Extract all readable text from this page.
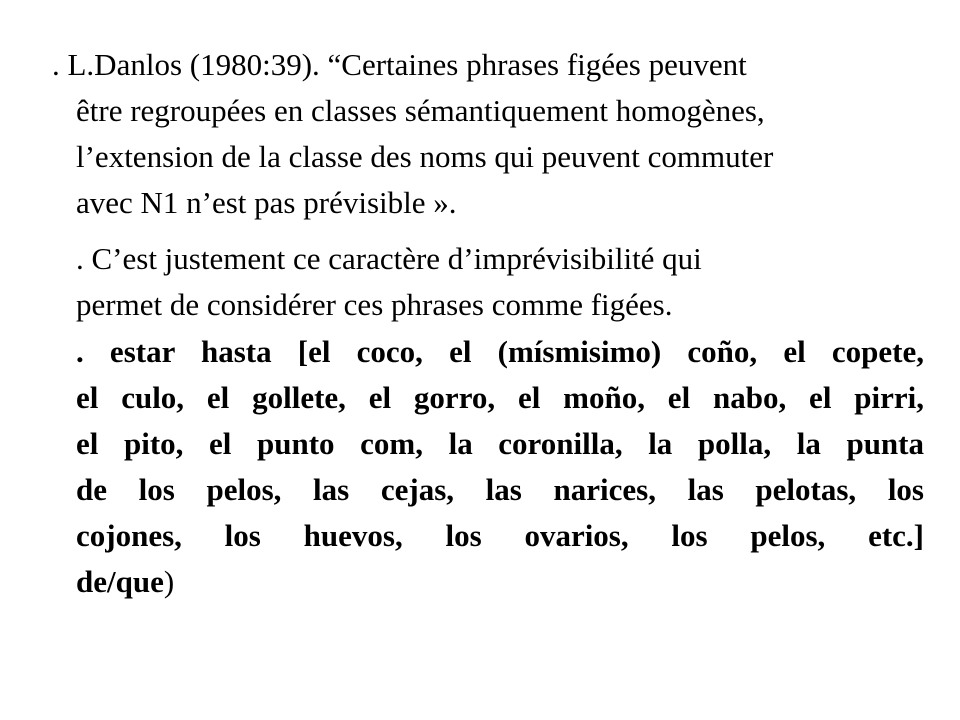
. L.Danlos (1980:39). “Certaines phrases figées peuvent
être regroupées en classes sémantiquement homogènes,
l’extension de la classe des noms qui peuvent commuter
avec N1 n’est pas prévisible ».
. C’est justement ce caractère d’imprévisibilité qui
permet de considérer ces phrases comme figées.
. estar hasta [el coco, el (mísmisimo) coño, el copete,
el culo, el gollete, el gorro, el moño, el nabo, el pirri,
el pito, el punto com, la coronilla, la polla, la punta
de los pelos, las cejas, las narices, las pelotas, los
cojones, los huevos, los ovarios, los pelos, etc.]
de/que)
